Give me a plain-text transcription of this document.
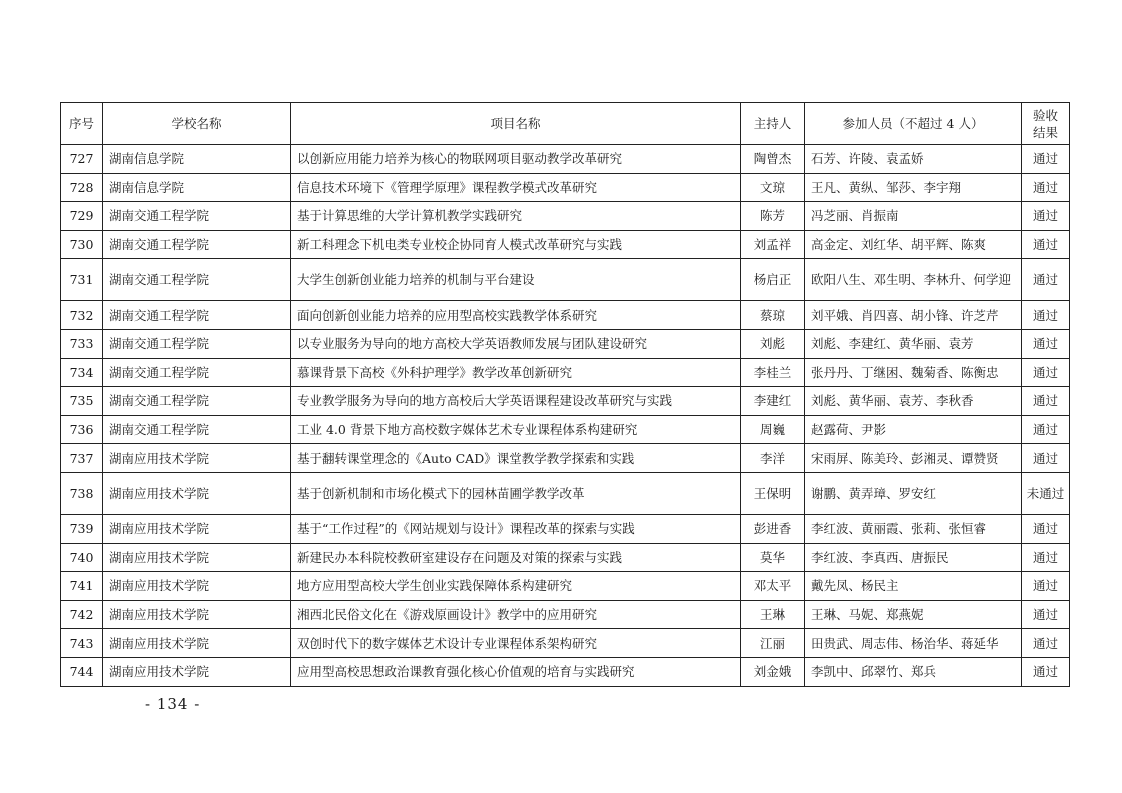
序号	学校名称	项目名称	主持人	参加人员（不超过 4 人）	验收
结果
727	湖南信息学院	以创新应用能力培养为核心的物联网项目驱动教学改革研究	陶曾杰	石芳、许陵、袁孟娇	通过
728	湖南信息学院	信息技术环境下《管理学原理》课程教学模式改革研究	文琼	王凡、黄纵、邹莎、李宇翔	通过
729	湖南交通工程学院	基于计算思维的大学计算机教学实践研究	陈芳	冯芝丽、肖振南	通过
730	湖南交通工程学院	新工科理念下机电类专业校企协同育人模式改革研究与实践	刘孟祥	高金定、刘红华、胡平辉、陈爽	通过
731	湖南交通工程学院	大学生创新创业能力培养的机制与平台建设	杨启正	欧阳八生、邓生明、李林升、何学迎	通过
732	湖南交通工程学院	面向创新创业能力培养的应用型高校实践教学体系研究	蔡琼	刘平娥、肖四喜、胡小锋、许芝芹	通过
733	湖南交通工程学院	以专业服务为导向的地方高校大学英语教师发展与团队建设研究	刘彪	刘彪、李建红、黄华丽、袁芳	通过
734	湖南交通工程学院	慕课背景下高校《外科护理学》教学改革创新研究	李桂兰	张丹丹、丁继困、魏菊香、陈衡忠	通过
735	湖南交通工程学院	专业教学服务为导向的地方高校后大学英语课程建设改革研究与实践	李建红	刘彪、黄华丽、袁芳、李秋香	通过
736	湖南交通工程学院	工业 4.0 背景下地方高校数字媒体艺术专业课程体系构建研究	周巍	赵露荷、尹影	通过
737	湖南应用技术学院	基于翻转课堂理念的《Auto CAD》课堂教学教学探索和实践	李洋	宋雨屏、陈美玲、彭湘灵、谭赞贤	通过
738	湖南应用技术学院	基于创新机制和市场化模式下的园林苗圃学教学改革	王保明	谢鹏、黄弄璋、罗安红	未通过
739	湖南应用技术学院	基于“工作过程”的《网站规划与设计》课程改革的探索与实践	彭进香	李红波、黄丽霞、张莉、张恒睿	通过
740	湖南应用技术学院	新建民办本科院校教研室建设存在问题及对策的探索与实践	莫华	李红波、李真西、唐振民	通过
741	湖南应用技术学院	地方应用型高校大学生创业实践保障体系构建研究	邓太平	戴先凤、杨民主	通过
742	湖南应用技术学院	湘西北民俗文化在《游戏原画设计》教学中的应用研究	王琳	王琳、马妮、郑燕妮	通过
743	湖南应用技术学院	双创时代下的数字媒体艺术设计专业课程体系架构研究	江丽	田贵武、周志伟、杨治华、蒋延华	通过
744	湖南应用技术学院	应用型高校思想政治课教育强化核心价值观的培育与实践研究	刘金娥	李凯中、邱翠竹、郑兵	通过
- 134 -
